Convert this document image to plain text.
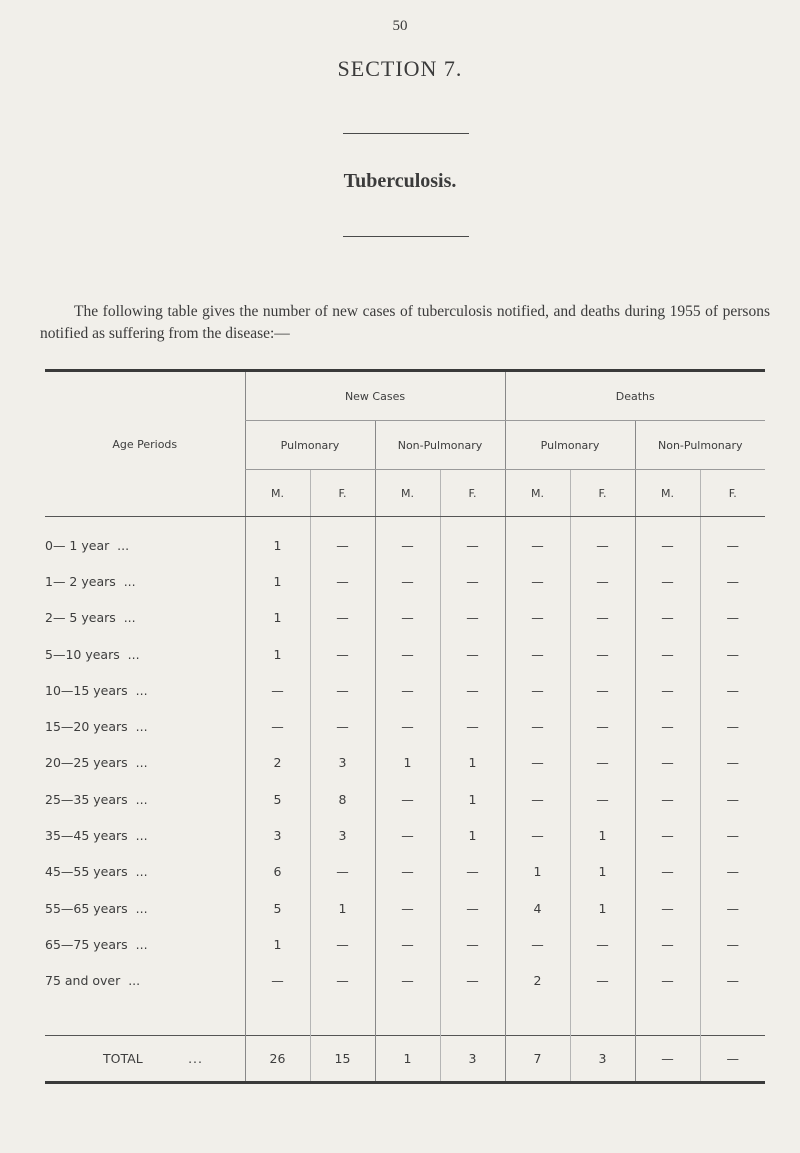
50
SECTION 7.
Tuberculosis.

The following table gives the number of new cases of tuberculosis notified, and deaths during 1955 of persons notified as suffering from the disease:—

Age Periods	New Cases				Deaths			
	Pulmonary		Non-Pulmonary		Pulmonary		Non-Pulmonary	
	M.	F.	M.	F.	M.	F.	M.	F.
0— 1 year  ...	1	—	—	—	—	—	—	—
1— 2 years  ...	1	—	—	—	—	—	—	—
2— 5 years  ...	1	—	—	—	—	—	—	—
5—10 years  ...	1	—	—	—	—	—	—	—
10—15 years  ...	—	—	—	—	—	—	—	—
15—20 years  ...	—	—	—	—	—	—	—	—
20—25 years  ...	2	3	1	1	—	—	—	—
25—35 years  ...	5	8	—	1	—	—	—	—
35—45 years  ...	3	3	—	1	—	1	—	—
45—55 years  ...	6	—	—	—	1	1	—	—
55—65 years  ...	5	1	—	—	4	1	—	—
65—75 years  ...	1	—	—	—	—	—	—	—
75 and over  ...	—	—	—	—	2	—	—	—

TOTAL ...	26	15	1	3	7	3	—	—
